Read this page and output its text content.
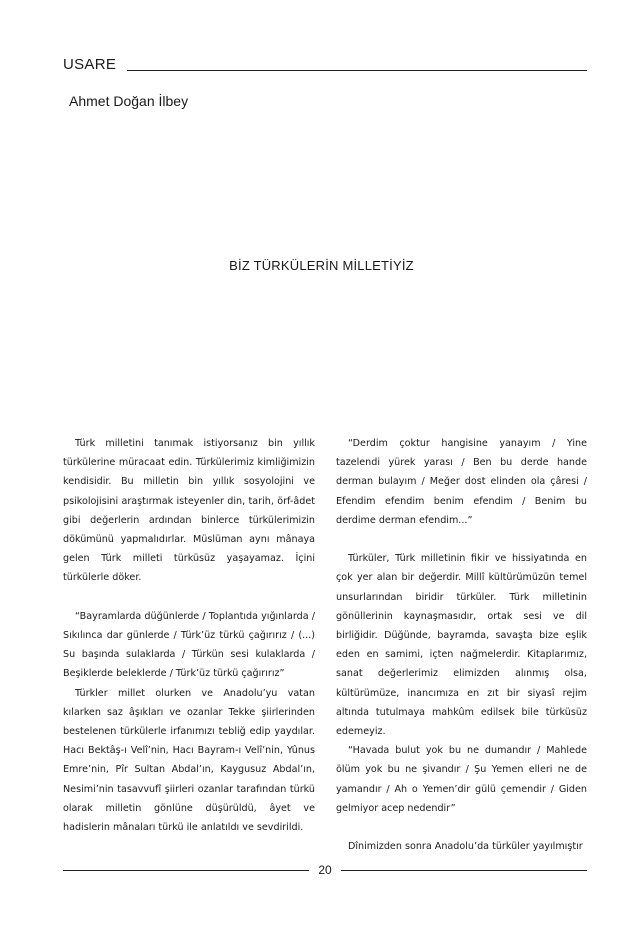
USARE
Ahmet Doğan İlbey
BİZ TÜRKÜLERİN MİLLETİYİZ

Türk milletini tanımak istiyorsanız bin yıllık türkülerine müracaat edin. Türkülerimiz kimliğimizin kendisidir. Bu milletin bin yıllık sosyolojini ve psikolojisini araştırmak isteyenler din, tarih, örf-âdet gibi değerlerin ardından binlerce türkülerimizin dökümünü yapmalıdırlar. Müslüman aynı mânaya gelen Türk milleti türküsüz yaşayamaz. İçini türkülerle döker.

“Bayramlarda düğünlerde / Toplantıda yığınlarda / Sıkılınca dar günlerde / Türk’üz türkü çağırırız / (...) Su başında sulaklarda / Türkün sesi kulaklarda / Beşiklerde beleklerde / Türk’üz türkü çağırırız”

Türkler millet olurken ve Anadolu’yu vatan kılarken saz âşıkları ve ozanlar Tekke şiirlerinden bestelenen türkülerle irfanımızı tebliğ edip yaydılar. Hacı Bektâş-ı Velî’nin, Hacı Bayram-ı Velî’nin, Yûnus Emre’nin, Pîr Sultan Abdal’ın, Kaygusuz Abdal’ın, Nesimi’nin tasavvufî şiirleri ozanlar tarafından türkü olarak milletin gönlüne düşürüldü, âyet ve hadislerin mânaları türkü ile anlatıldı ve sevdirildi.

“Derdim çoktur hangisine yanayım / Yine tazelendi yürek yarası / Ben bu derde hande derman bulayım / Meğer dost elinden ola çâresi / Efendim efendim benim efendim / Benim bu derdime derman efendim...”

Türküler, Türk milletinin fikir ve hissiyatında en çok yer alan bir değerdir. Millî kültürümüzün temel unsurlarından biridir türküler. Türk milletinin gönüllerinin kaynaşmasıdır, ortak sesi ve dil birliğidir. Düğünde, bayramda, savaşta bize eşlik eden en samimi, içten nağmelerdir. Kitaplarımız, sanat değerlerimiz elimizden alınmış olsa, kültürümüze, inancımıza en zıt bir siyasî rejim altında tutulmaya mahkûm edilsek bile türküsüz edemeyiz.

“Havada bulut yok bu ne dumandır / Mahlede ölüm yok bu ne şivandır / Şu Yemen elleri ne de yamandır / Ah o Yemen’dir gülü çemendir / Giden gelmiyor acep nedendir”

Dînimizden sonra Anadolu’da türküler yayılmıştır

20
